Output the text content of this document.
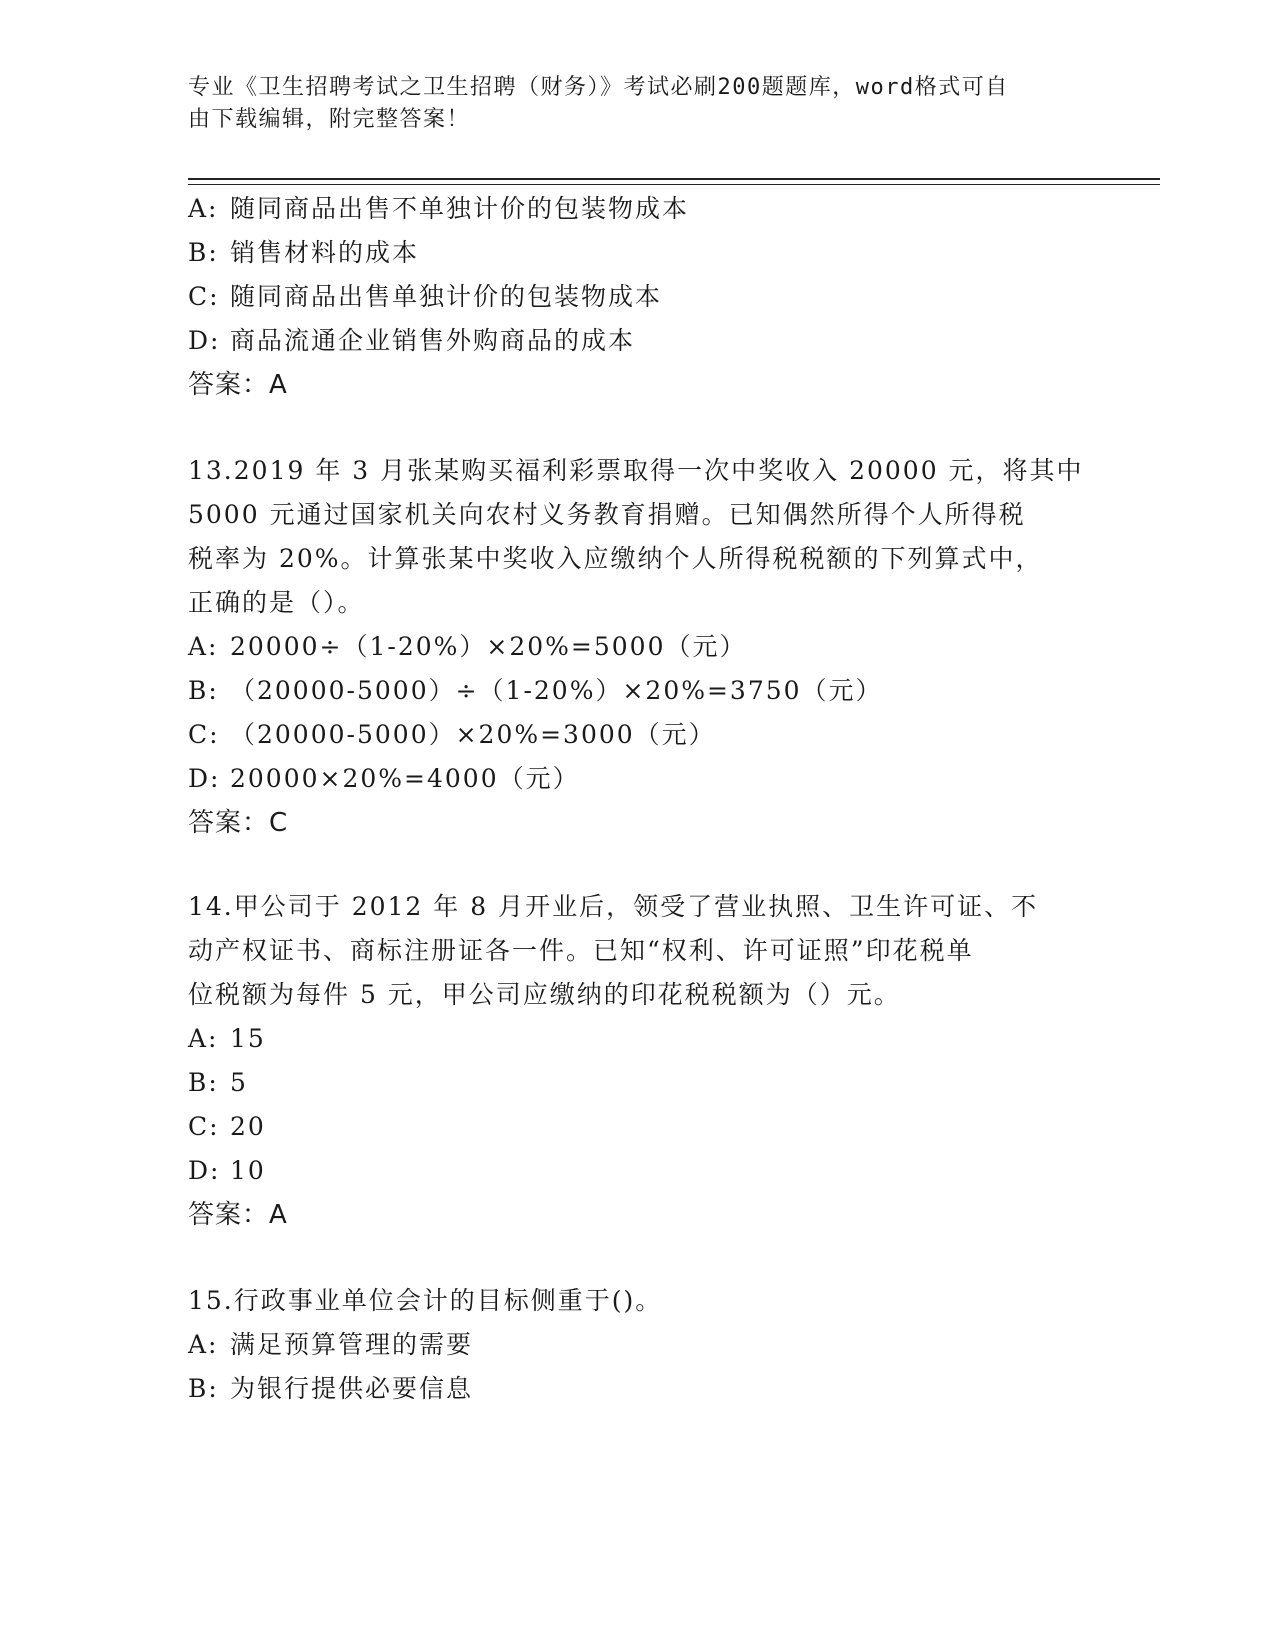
专业《卫生招聘考试之卫生招聘（财务）》考试必刷200题题库，word格式可自
由下载编辑，附完整答案！
A: 随同商品出售不单独计价的包装物成本
B: 销售材料的成本
C: 随同商品出售单独计价的包装物成本
D: 商品流通企业销售外购商品的成本
答案：A
13.2019 年 3 月张某购买福利彩票取得一次中奖收入 20000 元，将其中
5000 元通过国家机关向农村义务教育捐赠。已知偶然所得个人所得税
税率为 20%。计算张某中奖收入应缴纳个人所得税税额的下列算式中，
正确的是（）。
A: 20000÷（1-20%）×20%=5000（元）
B: （20000-5000）÷（1-20%）×20%=3750（元）
C: （20000-5000）×20%=3000（元）
D: 20000×20%=4000（元）
答案：C
14.甲公司于 2012 年 8 月开业后，领受了营业执照、卫生许可证、不
动产权证书、商标注册证各一件。已知“权利、许可证照”印花税单
位税额为每件 5 元，甲公司应缴纳的印花税税额为（）元。
A: 15
B: 5
C: 20
D: 10
答案：A
15.行政事业单位会计的目标侧重于()。
A: 满足预算管理的需要
B: 为银行提供必要信息
